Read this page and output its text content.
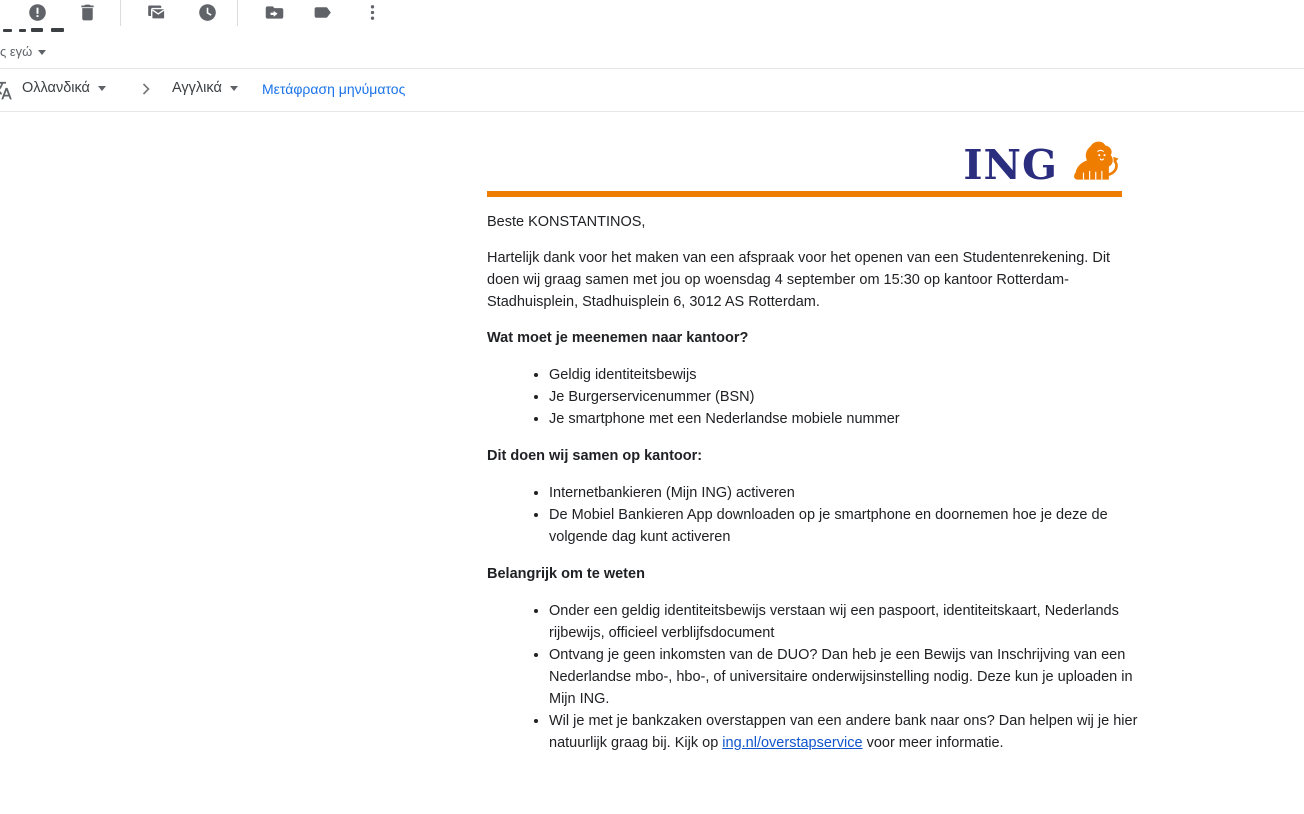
ς εγώ
Ολλανδικά	Αγγλικά	Μετάφραση μηνύματος
ING

Beste KONSTANTINOS,

Hartelijk dank voor het maken van een afspraak voor het openen van een Studentenrekening. Dit doen wij graag samen met jou op woensdag 4 september om 15:30 op kantoor Rotterdam-Stadhuisplein, Stadhuisplein 6, 3012 AS Rotterdam.

Wat moet je meenemen naar kantoor?

• Geldig identiteitsbewijs
• Je Burgerservicenummer (BSN)
• Je smartphone met een Nederlandse mobiele nummer

Dit doen wij samen op kantoor:

• Internetbankieren (Mijn ING) activeren
• De Mobiel Bankieren App downloaden op je smartphone en doornemen hoe je deze de volgende dag kunt activeren

Belangrijk om te weten

• Onder een geldig identiteitsbewijs verstaan wij een paspoort, identiteitskaart, Nederlands rijbewijs, officieel verblijfsdocument
• Ontvang je geen inkomsten van de DUO? Dan heb je een Bewijs van Inschrijving van een Nederlandse mbo-, hbo-, of universitaire onderwijsinstelling nodig. Deze kun je uploaden in Mijn ING.
• Wil je met je bankzaken overstappen van een andere bank naar ons? Dan helpen wij je hier natuurlijk graag bij. Kijk op ing.nl/overstapservice voor meer informatie.
